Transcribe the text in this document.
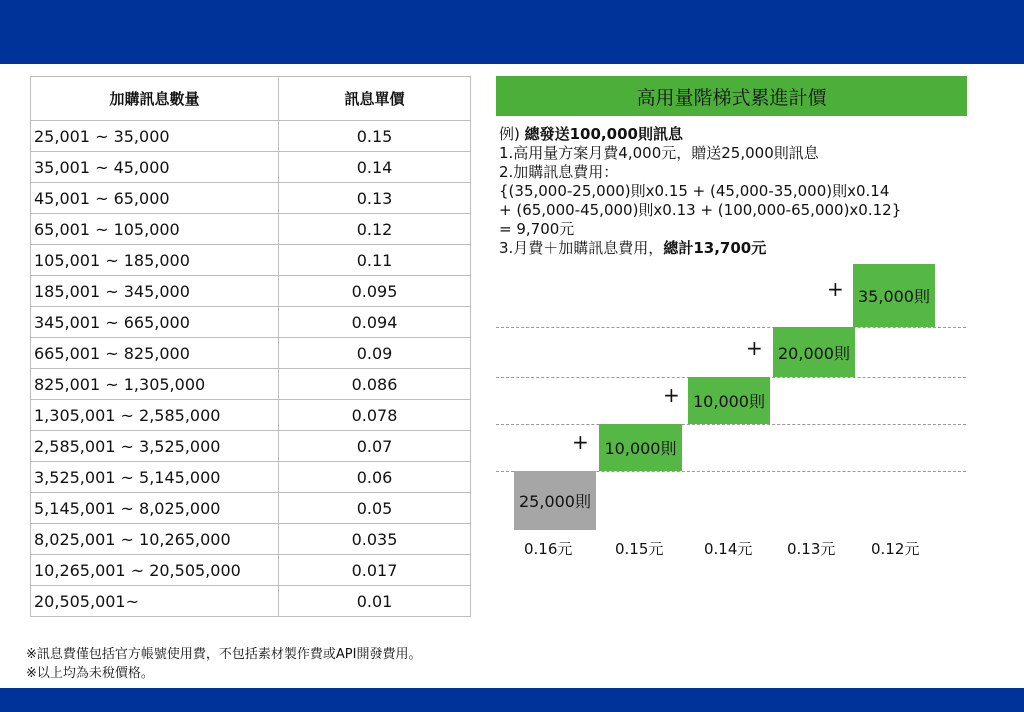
加購訊息數量	訊息單價
25,001 ~ 35,000	0.15
35,001 ~ 45,000	0.14
45,001 ~ 65,000	0.13
65,001 ~ 105,000	0.12
105,001 ~ 185,000	0.11
185,001 ~ 345,000	0.095
345,001 ~ 665,000	0.094
665,001 ~ 825,000	0.09
825,001 ~ 1,305,000	0.086
1,305,001 ~ 2,585,000	0.078
2,585,001 ~ 3,525,000	0.07
3,525,001 ~ 5,145,000	0.06
5,145,001 ~ 8,025,000	0.05
8,025,001 ~ 10,265,000	0.035
10,265,001 ~ 20,505,000	0.017
20,505,001~	0.01
※訊息費僅包括官方帳號使用費，不包括素材製作費或API開發費用。
※以上均為未稅價格。
高用量階梯式累進計價
例) 總發送100,000則訊息
1.高用量方案月費4,000元，贈送25,000則訊息
2.加購訊息費用：
{(35,000-25,000)則x0.15 + (45,000-35,000)則x0.14
+ (65,000-45,000)則x0.13 + (100,000-65,000)x0.12}
= 9,700元
3.月費＋加購訊息費用，總計13,700元
25,000則
+ 10,000則
+ 10,000則
+ 20,000則
+ 35,000則
0.16元	0.15元	0.14元 0.13元 0.12元
